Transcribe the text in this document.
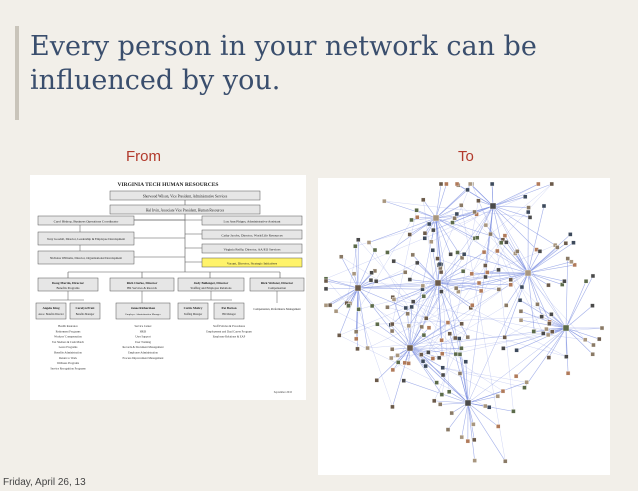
Every person in your network can be influenced by you.
From	To
VIRGINIA TECH HUMAN RESOURCES
Sherwood Wilson, Vice President, Administrative Services
Hal Irvin, Associate Vice President, Human Resources
Carol Bishop, Business Operations Coordinator
Tony Goodall, Director, Leadership & Employee Development
Nicholas Williams, Director, Organizational Development
Lou Ann Phipps, Administrative Assistant
Cathy Jacobs, Director, Work/Life Resources
Virginia Reilly, Director, AA/EO Services
Vacant, Director, Strategic Initiatives
Doug Martin, Director
Benefits Programs
Rich Clarke, Director
HR Services & Records
Judy Ballenger, Director
Staffing and Employee Relations
Rick Webster, Director
Compensation
Angela King
Assoc. Benefits Director
Carolyn Pratt
Benefits Manager
Janee Richardson
Employee Administration Manager
Curtis Mabry
Staffing Manager
Pat Barton
HR Manager
Compensation, Performance Management
Health Insurance
Retirement Programs
Workers' Compensation
Tax Shelters & Cash Match
Leave Programs
Benefits Administration
Return to Work
Wellness Programs
Service Recognition Programs
Service Center
HRIS
User Support
User Training
Records & Document Management
Employee Administration
Process Improvement Management
Staff Policies & Procedures
Employment and Dual Career Program
Employee Relations & EAP
September 2010
Friday, April 26, 13
